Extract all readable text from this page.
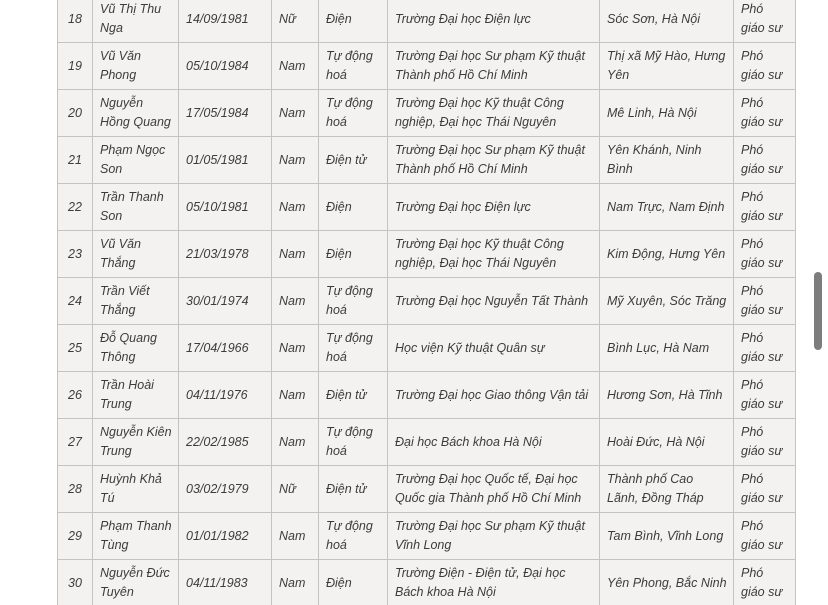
18	Vũ Thị Thu Nga	14/09/1981	Nữ	Điện	Trường Đại học Điện lực	Sóc Sơn, Hà Nội	Phó giáo sư
19	Vũ Văn Phong	05/10/1984	Nam	Tự động hoá	Trường Đại học Sư phạm Kỹ thuật Thành phố Hồ Chí Minh	Thị xã Mỹ Hào, Hưng Yên	Phó giáo sư
20	Nguyễn Hồng Quang	17/05/1984	Nam	Tự động hoá	Trường Đại học Kỹ thuật Công nghiệp, Đại học Thái Nguyên	Mê Linh, Hà Nội	Phó giáo sư
21	Phạm Ngọc Son	01/05/1981	Nam	Điện tử	Trường Đại học Sư phạm Kỹ thuật Thành phố Hồ Chí Minh	Yên Khánh, Ninh Bình	Phó giáo sư
22	Trần Thanh Son	05/10/1981	Nam	Điện	Trường Đại học Điện lực	Nam Trực, Nam Định	Phó giáo sư
23	Vũ Văn Thắng	21/03/1978	Nam	Điện	Trường Đại học Kỹ thuật Công nghiệp, Đại học Thái Nguyên	Kim Động, Hưng Yên	Phó giáo sư
24	Trần Viết Thắng	30/01/1974	Nam	Tự động hoá	Trường Đại học Nguyễn Tất Thành	Mỹ Xuyên, Sóc Trăng	Phó giáo sư
25	Đỗ Quang Thông	17/04/1966	Nam	Tự động hoá	Học viện Kỹ thuật Quân sự	Bình Lục, Hà Nam	Phó giáo sư
26	Trần Hoài Trung	04/11/1976	Nam	Điện tử	Trường Đại học Giao thông Vận tải	Hương Sơn, Hà Tĩnh	Phó giáo sư
27	Nguyễn Kiên Trung	22/02/1985	Nam	Tự động hoá	Đại học Bách khoa Hà Nội	Hoài Đức, Hà Nội	Phó giáo sư
28	Huỳnh Khả Tú	03/02/1979	Nữ	Điện tử	Trường Đại học Quốc tế, Đại học Quốc gia Thành phố Hồ Chí Minh	Thành phố Cao Lãnh, Đồng Tháp	Phó giáo sư
29	Phạm Thanh Tùng	01/01/1982	Nam	Tự động hoá	Trường Đại học Sư phạm Kỹ thuật Vĩnh Long	Tam Bình, Vĩnh Long	Phó giáo sư
30	Nguyễn Đức Tuyên	04/11/1983	Nam	Điện	Trường Điện - Điện tử, Đại học Bách khoa Hà Nội	Yên Phong, Bắc Ninh	Phó giáo sư
